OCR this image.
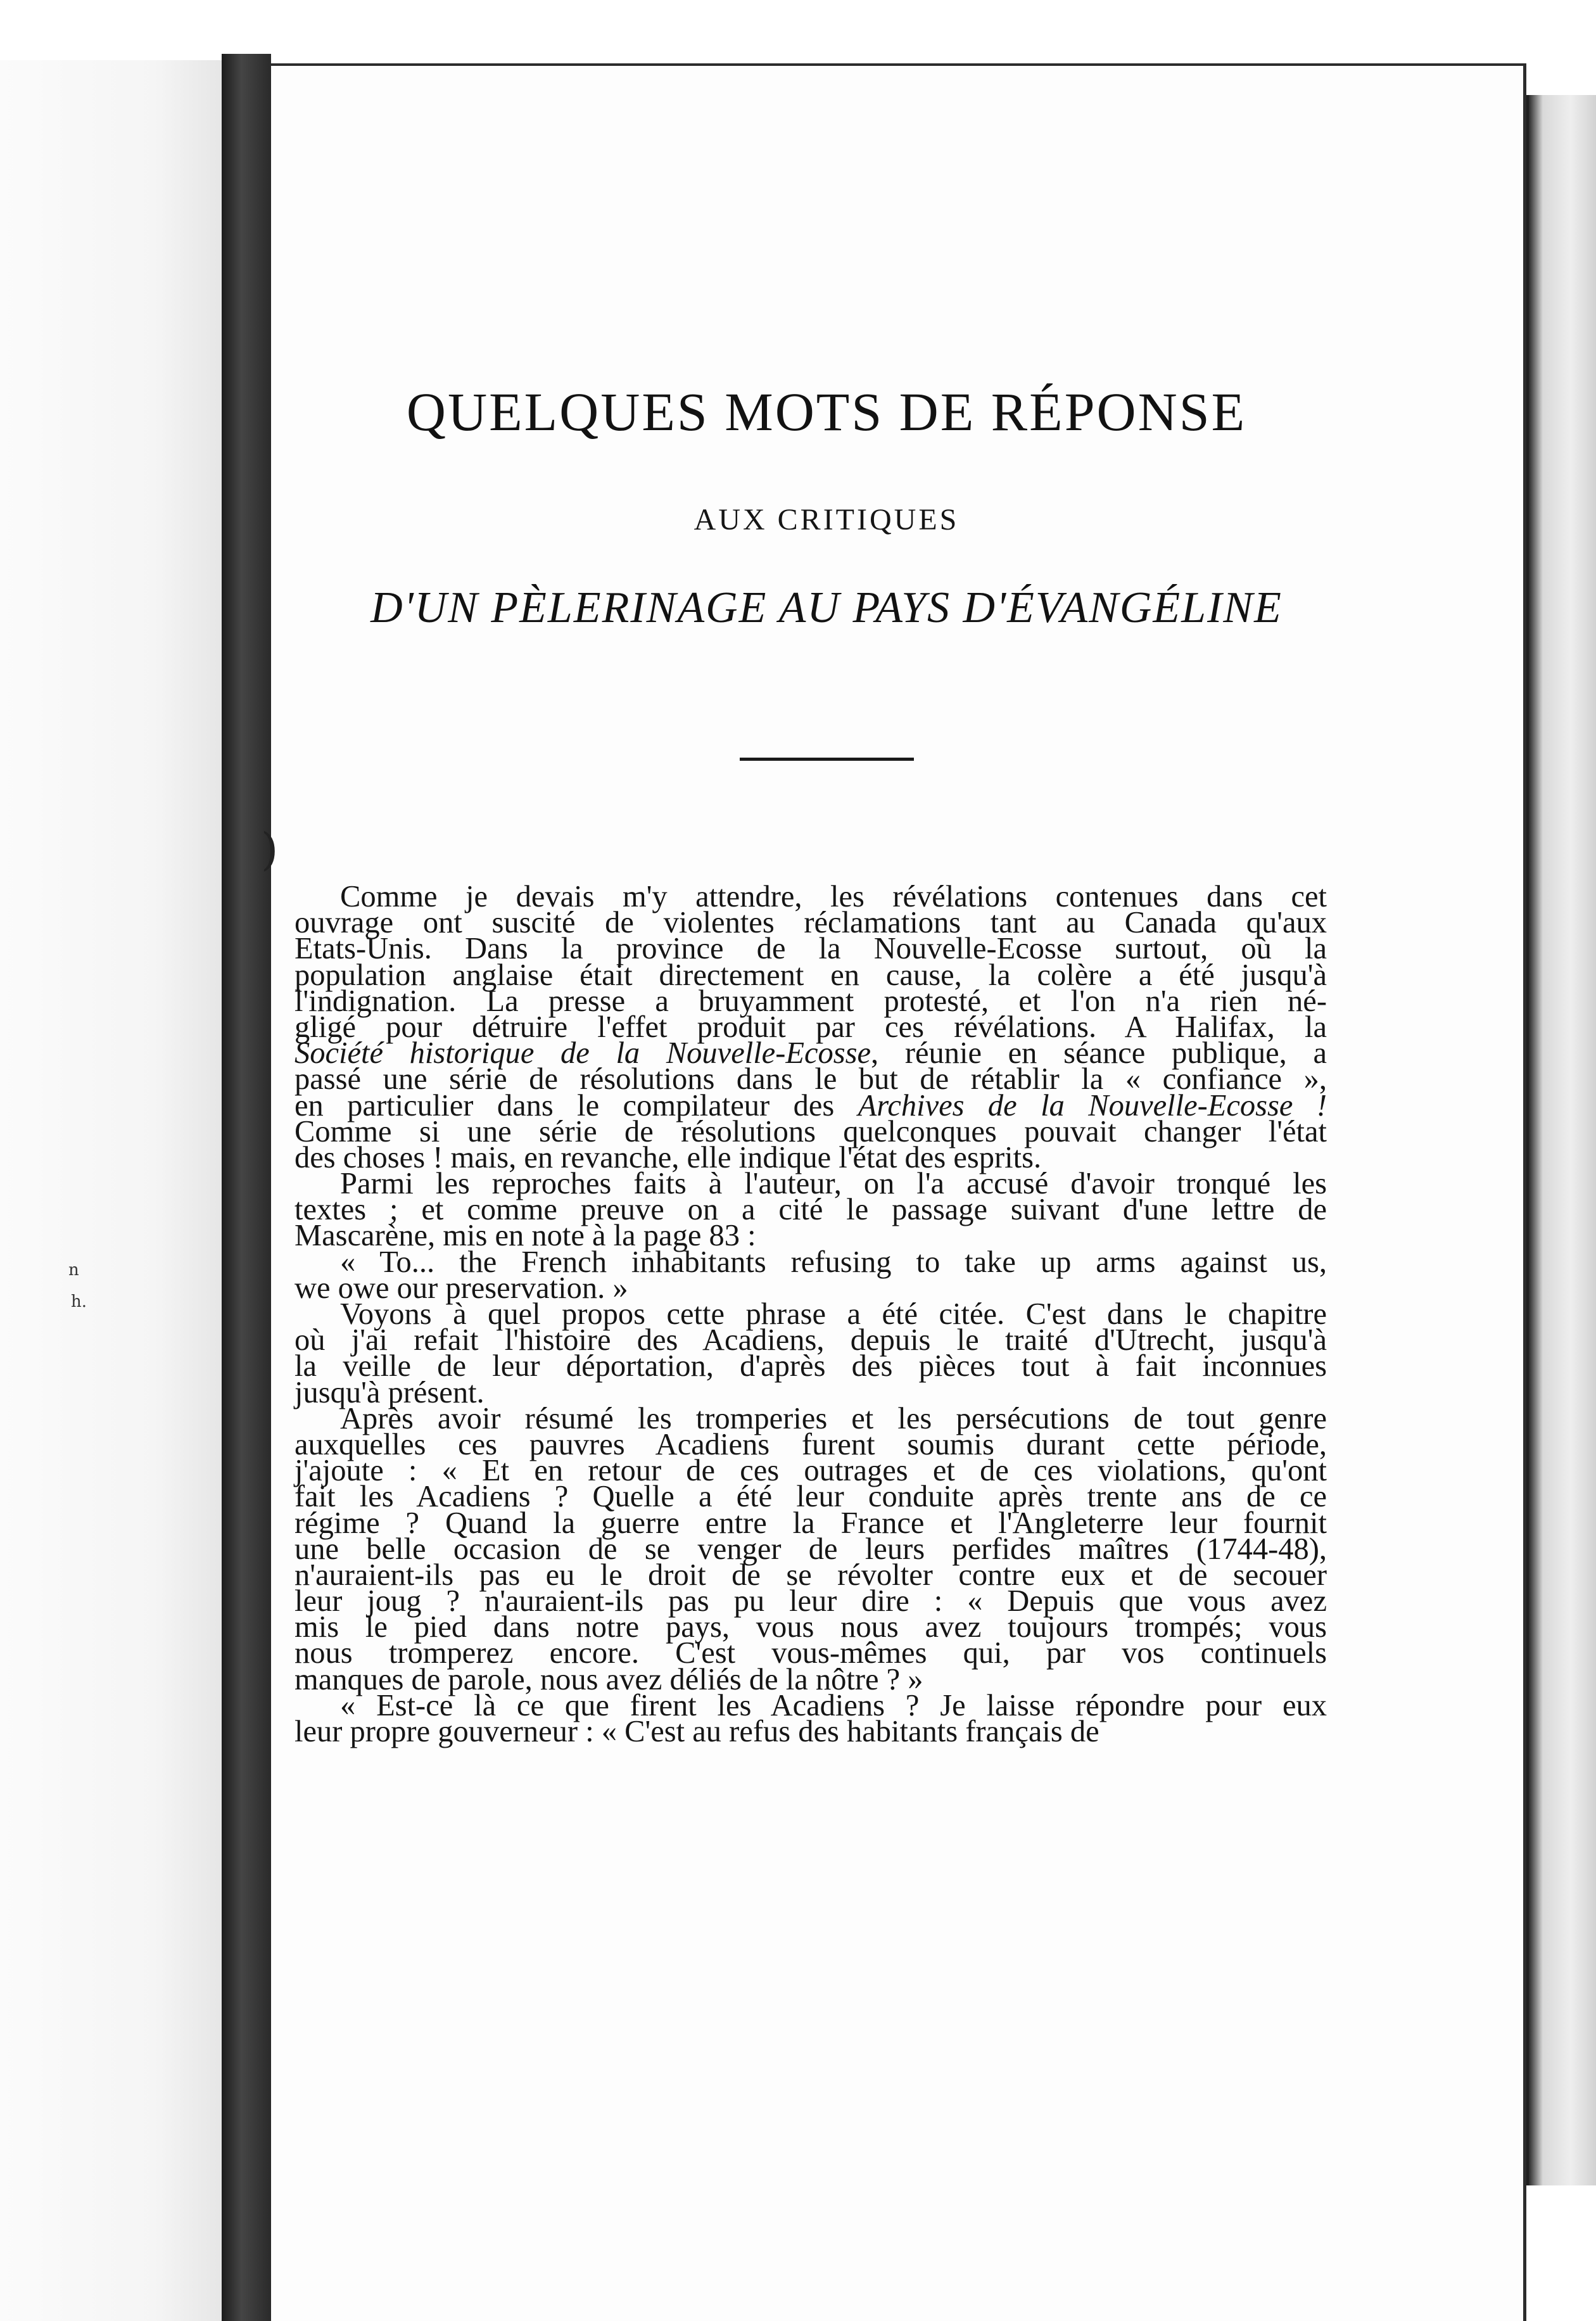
n
h.
)
QUELQUES MOTS DE RÉPONSE
AUX CRITIQUES
D'UN PÈLERINAGE AU PAYS D'ÉVANGÉLINE
Comme je devais m'y attendre, les révélations contenues dans cet
ouvrage ont suscité de violentes réclamations tant au Canada qu'aux
Etats-Unis. Dans la province de la Nouvelle-Ecosse surtout, où la
population anglaise était directement en cause, la colère a été jusqu'à
l'indignation. La presse a bruyamment protesté, et l'on n'a rien né-
gligé pour détruire l'effet produit par ces révélations. A Halifax, la
Société historique de la Nouvelle-Ecosse, réunie en séance publique, a
passé une série de résolutions dans le but de rétablir la « confiance »,
en particulier dans le compilateur des Archives de la Nouvelle-Ecosse !
Comme si une série de résolutions quelconques pouvait changer l'état
des choses ! mais, en revanche, elle indique l'état des esprits.
Parmi les reproches faits à l'auteur, on l'a accusé d'avoir tronqué les
textes ; et comme preuve on a cité le passage suivant d'une lettre de
Mascarène, mis en note à la page 83 :
« To... the French inhabitants refusing to take up arms against us,
we owe our preservation. »
Voyons à quel propos cette phrase a été citée. C'est dans le chapitre
où j'ai refait l'histoire des Acadiens, depuis le traité d'Utrecht, jusqu'à
la veille de leur déportation, d'après des pièces tout à fait inconnues
jusqu'à présent.
Après avoir résumé les tromperies et les persécutions de tout genre
auxquelles ces pauvres Acadiens furent soumis durant cette période,
j'ajoute : « Et en retour de ces outrages et de ces violations, qu'ont
fait les Acadiens ? Quelle a été leur conduite après trente ans de ce
régime ? Quand la guerre entre la France et l'Angleterre leur fournit
une belle occasion de se venger de leurs perfides maîtres (1744-48),
n'auraient-ils pas eu le droit de se révolter contre eux et de secouer
leur joug ? n'auraient-ils pas pu leur dire : « Depuis que vous avez
mis le pied dans notre pays, vous nous avez toujours trompés; vous
nous tromperez encore. C'est vous-mêmes qui, par vos continuels
manques de parole, nous avez déliés de la nôtre ? »
« Est-ce là ce que firent les Acadiens ? Je laisse répondre pour eux
leur propre gouverneur : « C'est au refus des habitants français de
